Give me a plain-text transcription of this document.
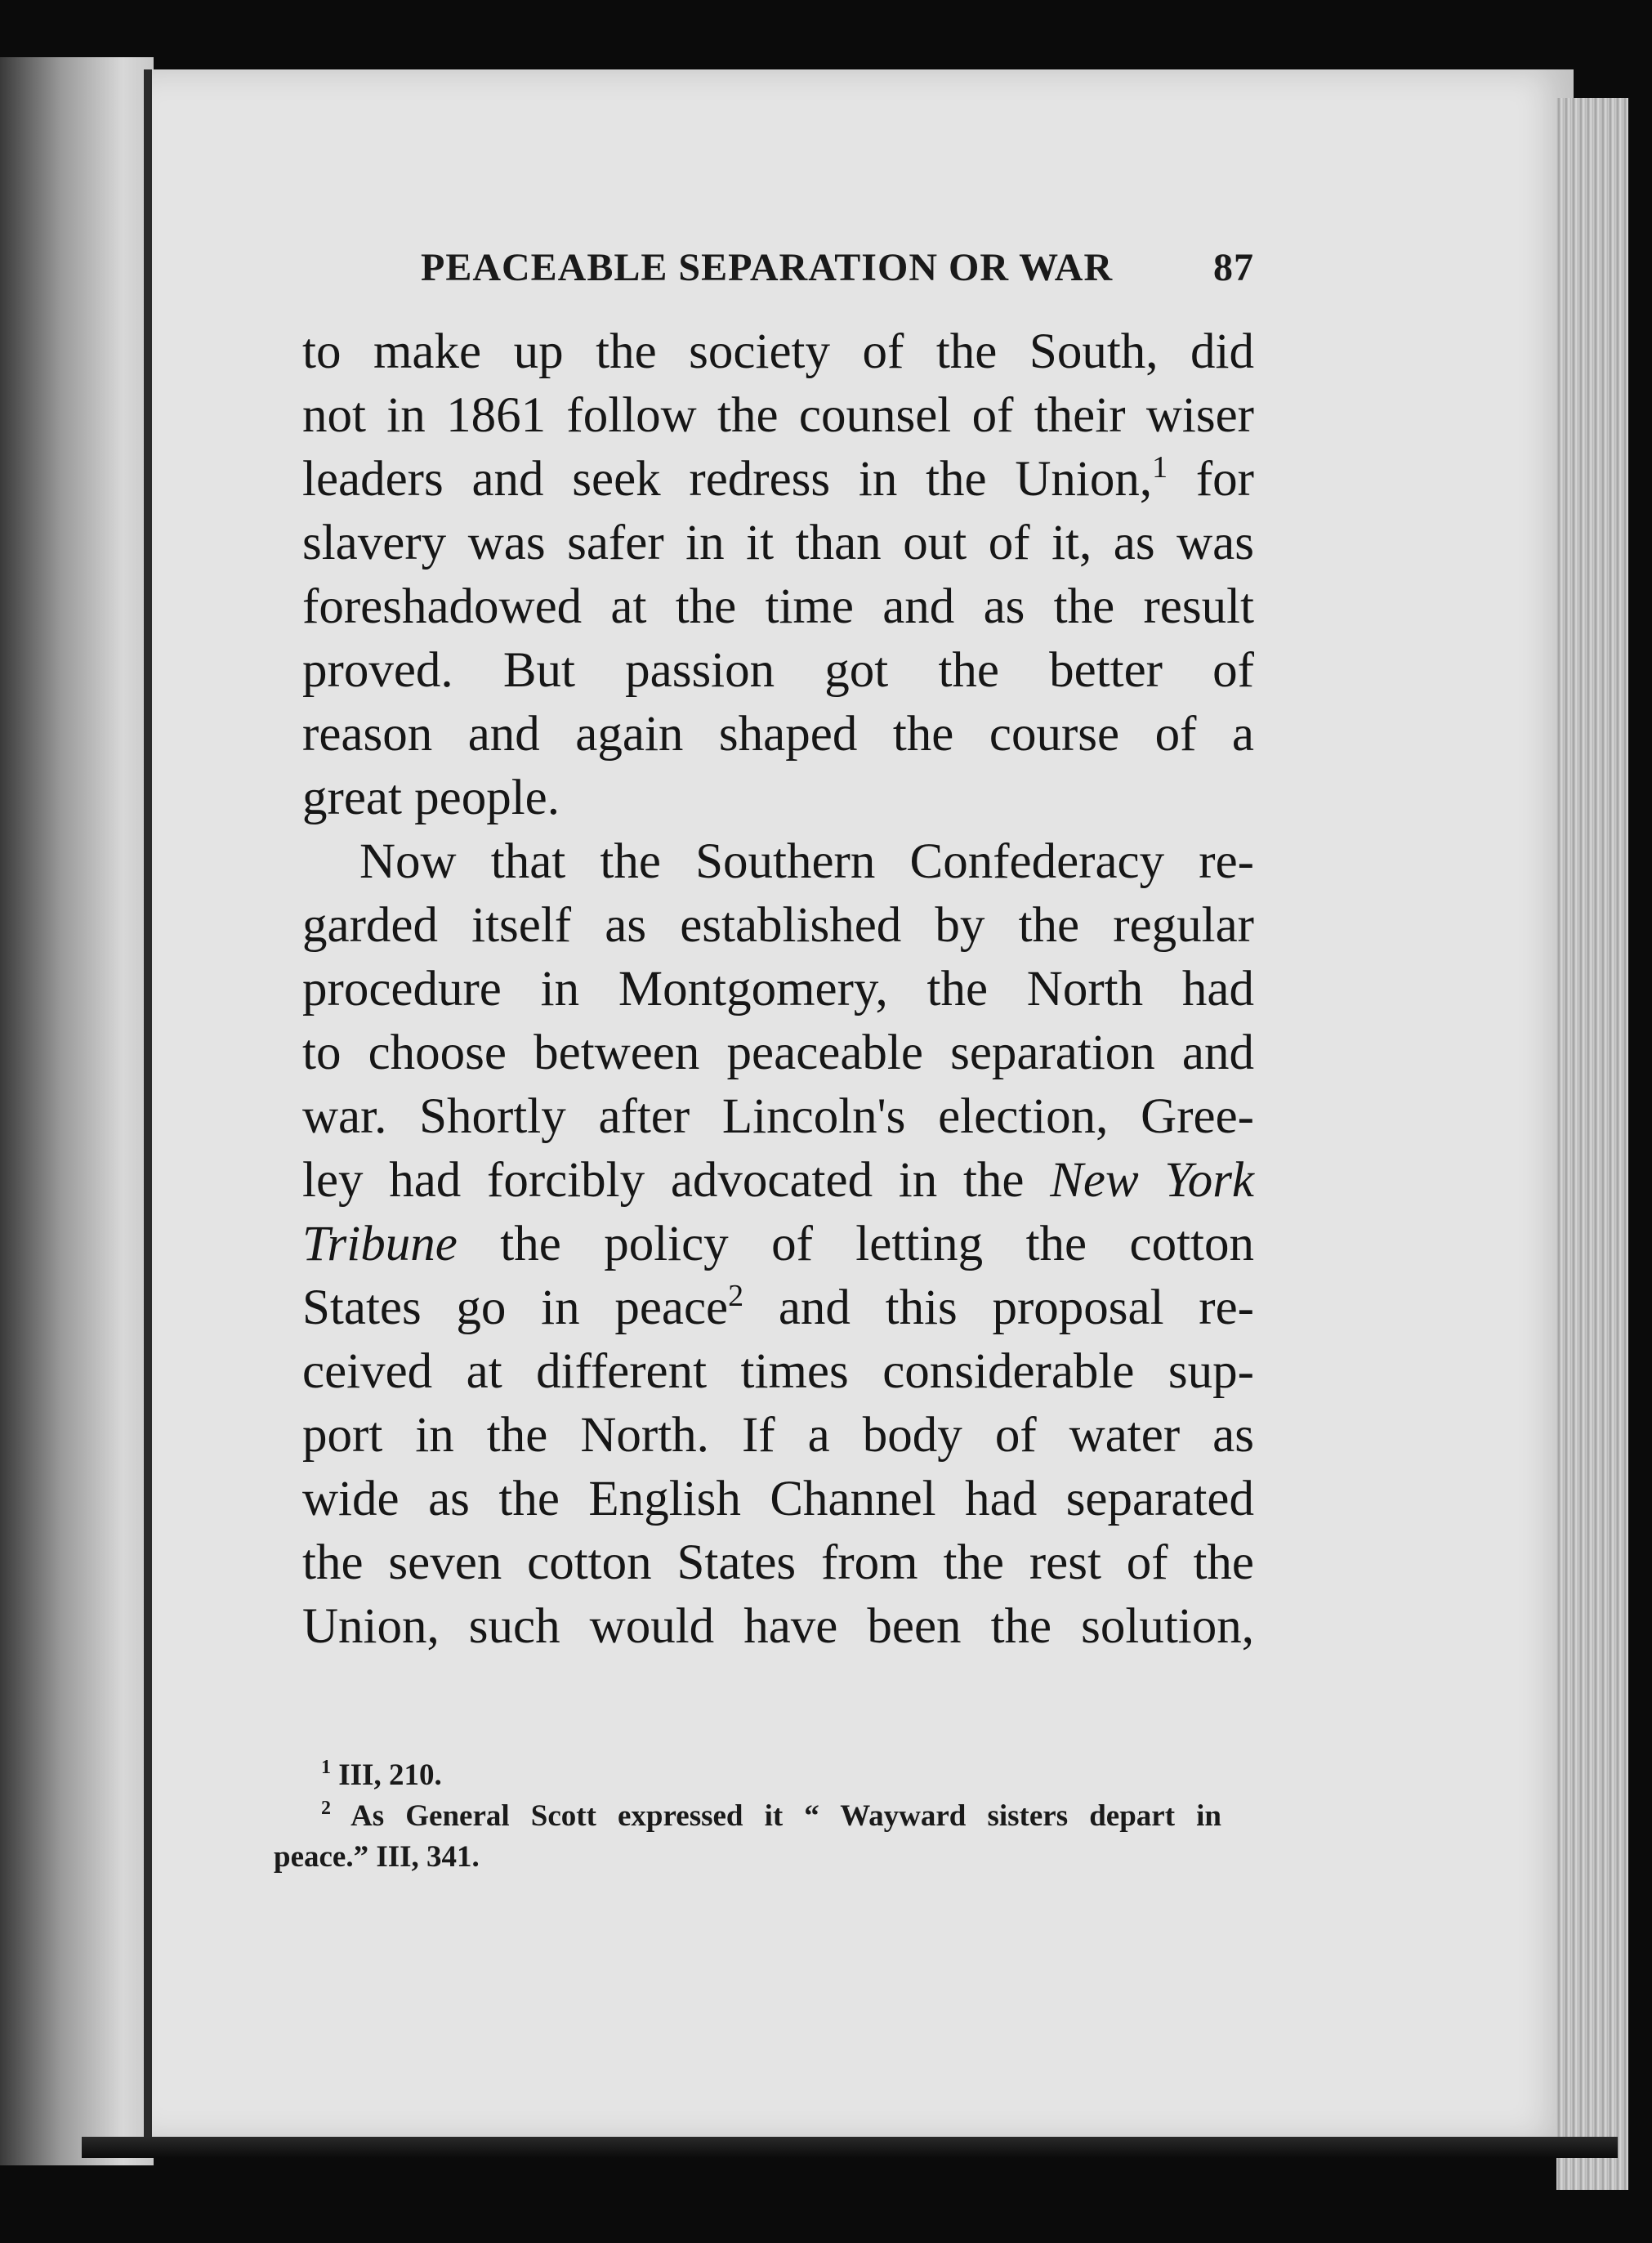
PEACEABLE SEPARATION OR WAR	87
to make up the society of the South, did
not in 1861 follow the counsel of their wiser
leaders and seek redress in the Union,$^1$ for
slavery was safer in it than out of it, as was
foreshadowed at the time and as the result
proved. But passion got the better of
reason and again shaped the course of a
great people.
Now that the Southern Confederacy re-
garded itself as established by the regular
procedure in Montgomery, the North had
to choose between peaceable separation and
war. Shortly after Lincoln's election, Gree-
ley had forcibly advocated in the New York
Tribune the policy of letting the cotton
States go in peace$^2$ and this proposal re-
ceived at different times considerable sup-
port in the North. If a body of water as
wide as the English Channel had separated
the seven cotton States from the rest of the
Union, such would have been the solution,
$^1$ III, 210.
$^2$ As General Scott expressed it “ Wayward sisters depart in
peace.” III, 341.
